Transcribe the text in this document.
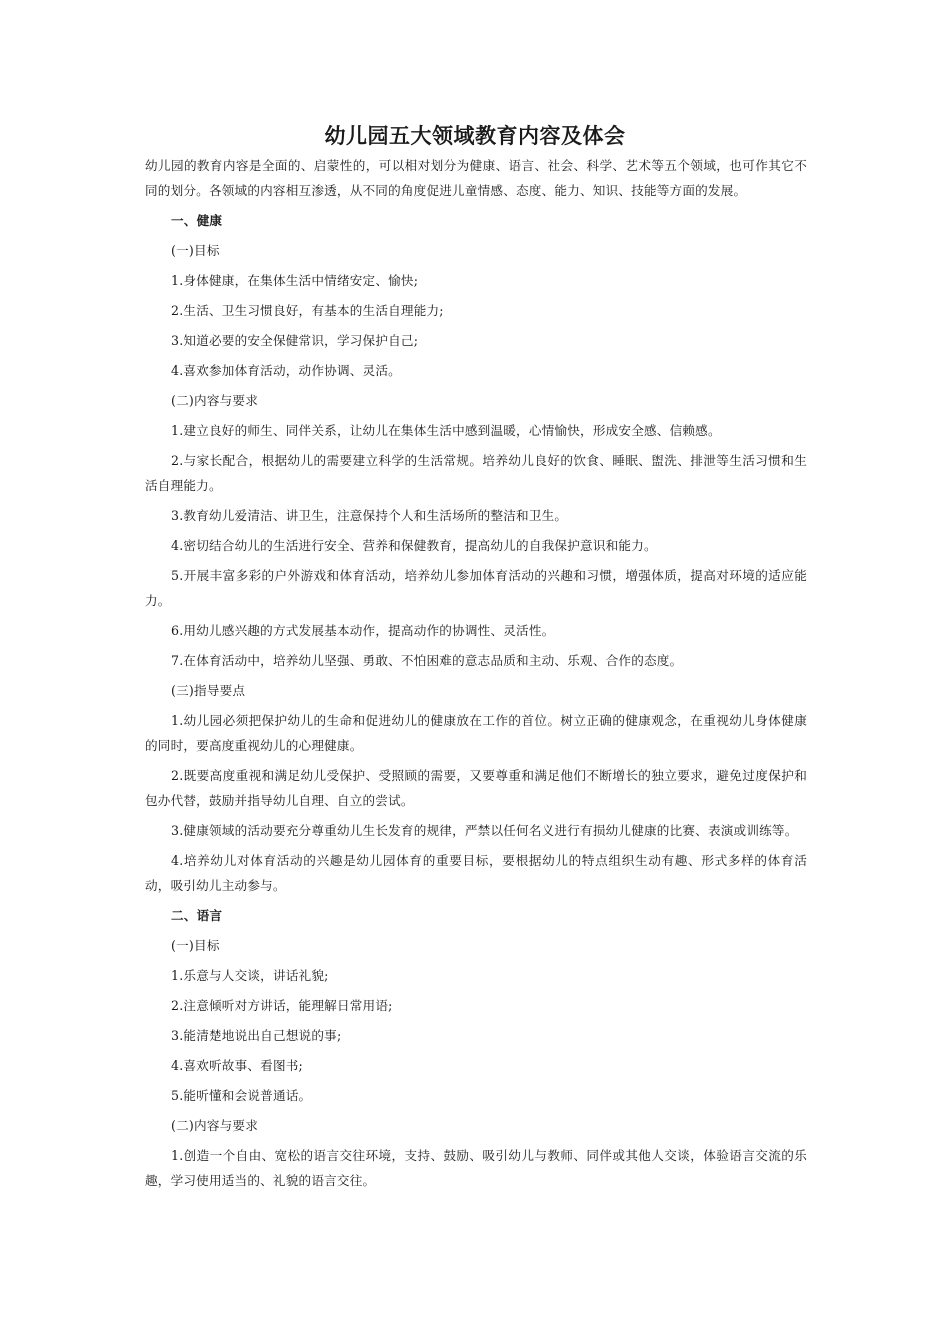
幼儿园五大领域教育内容及体会

幼儿园的教育内容是全面的、启蒙性的，可以相对划分为健康、语言、社会、科学、艺术等五个领域，也可作其它不同的划分。各领域的内容相互渗透，从不同的角度促进儿童情感、态度、能力、知识、技能等方面的发展。

一、健康

(一)目标

1.身体健康，在集体生活中情绪安定、愉快;

2.生活、卫生习惯良好，有基本的生活自理能力;

3.知道必要的安全保健常识，学习保护自己;

4.喜欢参加体育活动，动作协调、灵活。

(二)内容与要求

1.建立良好的师生、同伴关系，让幼儿在集体生活中感到温暖，心情愉快，形成安全感、信赖感。

2.与家长配合，根据幼儿的需要建立科学的生活常规。培养幼儿良好的饮食、睡眠、盥洗、排泄等生活习惯和生活自理能力。

3.教育幼儿爱清洁、讲卫生，注意保持个人和生活场所的整洁和卫生。

4.密切结合幼儿的生活进行安全、营养和保健教育，提高幼儿的自我保护意识和能力。

5.开展丰富多彩的户外游戏和体育活动，培养幼儿参加体育活动的兴趣和习惯，增强体质，提高对环境的适应能力。

6.用幼儿感兴趣的方式发展基本动作，提高动作的协调性、灵活性。

7.在体育活动中，培养幼儿坚强、勇敢、不怕困难的意志品质和主动、乐观、合作的态度。

(三)指导要点

1.幼儿园必须把保护幼儿的生命和促进幼儿的健康放在工作的首位。树立正确的健康观念，在重视幼儿身体健康的同时，要高度重视幼儿的心理健康。

2.既要高度重视和满足幼儿受保护、受照顾的需要，又要尊重和满足他们不断增长的独立要求，避免过度保护和包办代替，鼓励并指导幼儿自理、自立的尝试。

3.健康领域的活动要充分尊重幼儿生长发育的规律，严禁以任何名义进行有损幼儿健康的比赛、表演或训练等。

4.培养幼儿对体育活动的兴趣是幼儿园体育的重要目标，要根据幼儿的特点组织生动有趣、形式多样的体育活动，吸引幼儿主动参与。

二、语言

(一)目标

1.乐意与人交谈，讲话礼貌;

2.注意倾听对方讲话，能理解日常用语;

3.能清楚地说出自己想说的事;

4.喜欢听故事、看图书;

5.能听懂和会说普通话。

(二)内容与要求

1.创造一个自由、宽松的语言交往环境，支持、鼓励、吸引幼儿与教师、同伴或其他人交谈，体验语言交流的乐趣，学习使用适当的、礼貌的语言交往。
